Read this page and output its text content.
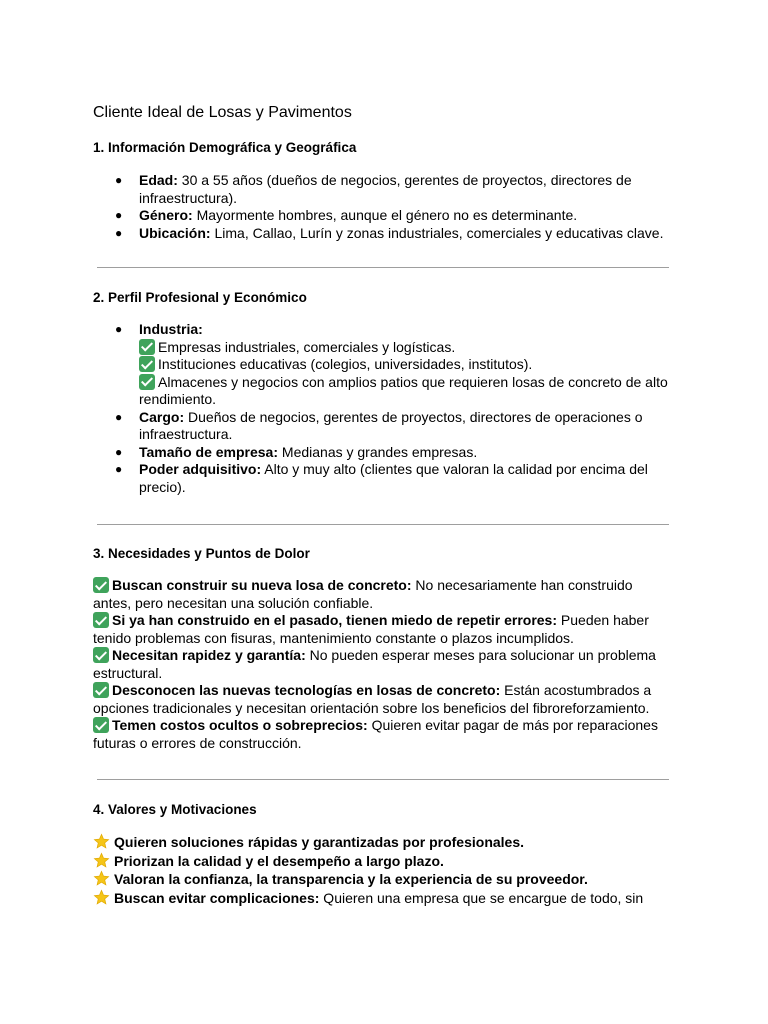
Cliente Ideal de Losas y Pavimentos
1. Información Demográfica y Geográfica
● Edad: 30 a 55 años (dueños de negocios, gerentes de proyectos, directores de infraestructura).
● Género: Mayormente hombres, aunque el género no es determinante.
● Ubicación: Lima, Callao, Lurín y zonas industriales, comerciales y educativas clave.
2. Perfil Profesional y Económico
● Industria:
Empresas industriales, comerciales y logísticas.
Instituciones educativas (colegios, universidades, institutos).
Almacenes y negocios con amplios patios que requieren losas de concreto de alto rendimiento.
● Cargo: Dueños de negocios, gerentes de proyectos, directores de operaciones o infraestructura.
● Tamaño de empresa: Medianas y grandes empresas.
● Poder adquisitivo: Alto y muy alto (clientes que valoran la calidad por encima del precio).
3. Necesidades y Puntos de Dolor

Buscan construir su nueva losa de concreto: No necesariamente han construido antes, pero necesitan una solución confiable.

Si ya han construido en el pasado, tienen miedo de repetir errores: Pueden haber tenido problemas con fisuras, mantenimiento constante o plazos incumplidos.

Necesitan rapidez y garantía: No pueden esperar meses para solucionar un problema estructural.

Desconocen las nuevas tecnologías en losas de concreto: Están acostumbrados a opciones tradicionales y necesitan orientación sobre los beneficios del fibroreforzamiento.

Temen costos ocultos o sobreprecios: Quieren evitar pagar de más por reparaciones futuras o errores de construcción.

4. Valores y Motivaciones

Quieren soluciones rápidas y garantizadas por profesionales.

Priorizan la calidad y el desempeño a largo plazo.

Valoran la confianza, la transparencia y la experiencia de su proveedor.

Buscan evitar complicaciones: Quieren una empresa que se encargue de todo, sin
